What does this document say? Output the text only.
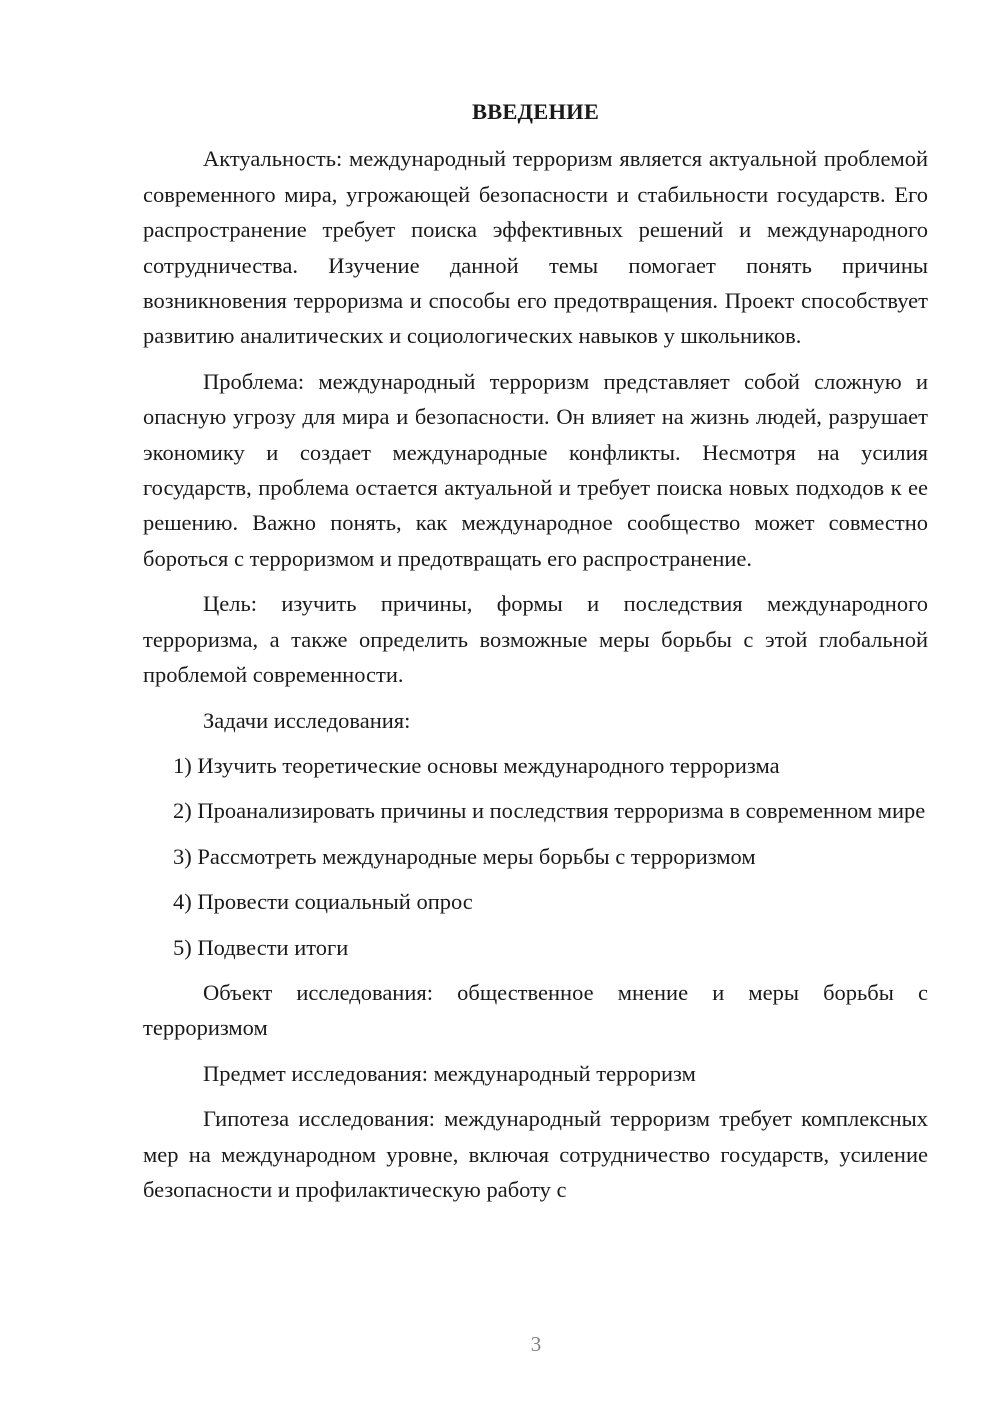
ВВЕДЕНИЕ

Актуальность: международный терроризм является актуальной проблемой современного мира, угрожающей безопасности и стабильности государств. Его распространение требует поиска эффективных решений и международного сотрудничества. Изучение данной темы помогает понять причины возникновения терроризма и способы его предотвращения. Проект способствует развитию аналитических и социологических навыков у школьников.

Проблема: международный терроризм представляет собой сложную и опасную угрозу для мира и безопасности. Он влияет на жизнь людей, разрушает экономику и создает международные конфликты. Несмотря на усилия государств, проблема остается актуальной и требует поиска новых подходов к ее решению. Важно понять, как международное сообщество может совместно бороться с терроризмом и предотвращать его распространение.

Цель: изучить причины, формы и последствия международного терроризма, а также определить возможные меры борьбы с этой глобальной проблемой современности.

Задачи исследования:

1) Изучить теоретические основы международного терроризма

2) Проанализировать причины и последствия терроризма в современном мире

3) Рассмотреть международные меры борьбы с терроризмом

4) Провести социальный опрос

5) Подвести итоги

Объект исследования: общественное мнение и меры борьбы с терроризмом

Предмет исследования: международный терроризм

Гипотеза исследования: международный терроризм требует комплексных мер на международном уровне, включая сотрудничество государств, усиление безопасности и профилактическую работу с

3
